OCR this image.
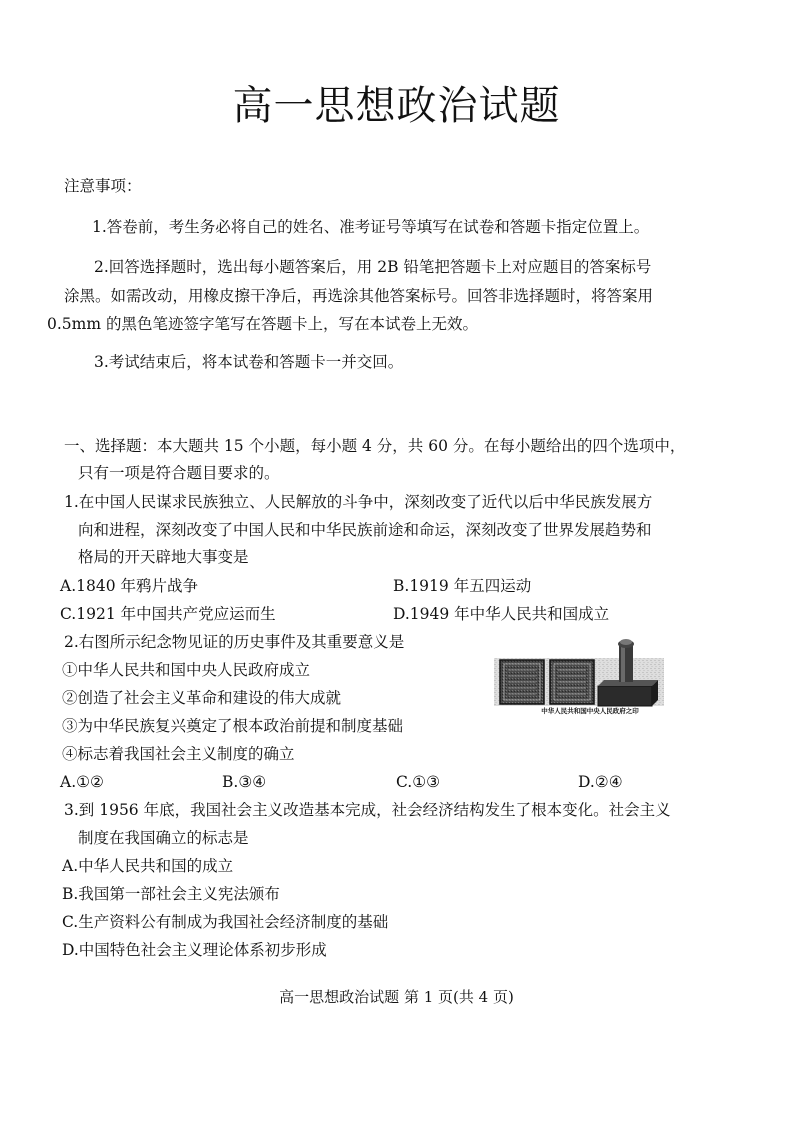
高一思想政治试题
注意事项：
1.答卷前，考生务必将自己的姓名、准考证号等填写在试卷和答题卡指定位置上。
2.回答选择题时，选出每小题答案后，用 2B 铅笔把答题卡上对应题目的答案标号
涂黑。如需改动，用橡皮擦干净后，再选涂其他答案标号。回答非选择题时，将答案用
0.5mm 的黑色笔迹签字笔写在答题卡上，写在本试卷上无效。
3.考试结束后，将本试卷和答题卡一并交回。
一、选择题：本大题共 15 个小题，每小题 4 分，共 60 分。在每小题给出的四个选项中，
只有一项是符合题目要求的。
1.在中国人民谋求民族独立、人民解放的斗争中，深刻改变了近代以后中华民族发展方
向和进程，深刻改变了中国人民和中华民族前途和命运，深刻改变了世界发展趋势和
格局的开天辟地大事变是
A.1840 年鸦片战争	B.1919 年五四运动
C.1921 年中国共产党应运而生	D.1949 年中华人民共和国成立
2.右图所示纪念物见证的历史事件及其重要意义是
①中华人民共和国中央人民政府成立
②创造了社会主义革命和建设的伟大成就
③为中华民族复兴奠定了根本政治前提和制度基础
④标志着我国社会主义制度的确立
A.①②	B.③④	C.①③	D.②④
中华人民共和国中央人民政府之印
3.到 1956 年底，我国社会主义改造基本完成，社会经济结构发生了根本变化。社会主义
制度在我国确立的标志是
A.中华人民共和国的成立
B.我国第一部社会主义宪法颁布
C.生产资料公有制成为我国社会经济制度的基础
D.中国特色社会主义理论体系初步形成
高一思想政治试题 第 1 页(共 4 页)
